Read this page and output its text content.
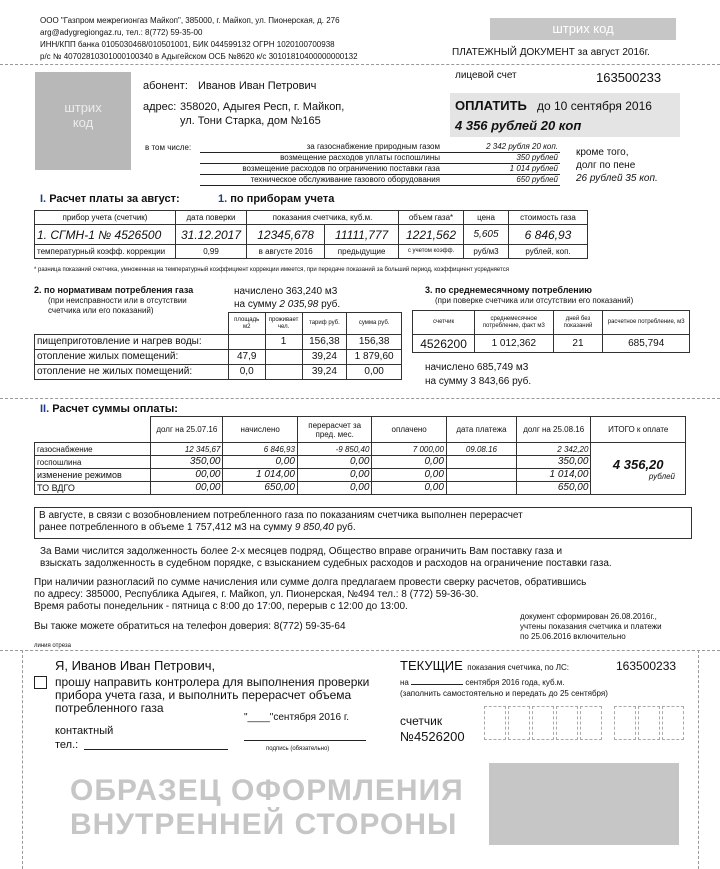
ООО "Газпром межрегионгаз Майкоп", 385000, г. Майкоп, ул. Пионерская, д. 276
arg@adygregiongaz.ru, тел.: 8(772) 59-35-00
ИНН/КПП банка 0105030468/010501001, БИК 044599132 ОГРН 1020100700938
р/с № 40702810301000100340 в Адыгейском ОСБ №8620 к/с 30101810400000000132
штрих код
ПЛАТЕЖНЫЙ ДОКУМЕНТ за август 2016г.
штрих код
абонент: Иванов Иван Петрович
адрес: 358020, Адыгея Респ, г. Майкоп,
ул. Тони Старка, дом №165
лицевой счет	163500233
ОПЛАТИТЬ до 10 сентября 2016
4 356 рублей 20 коп
в том числе:	за газоснабжение природным газом	2 342 рубля 20 коп.
возмещение расходов уплаты госпошлины	350 рублей
возмещение расходов по ограничению поставки газа	1 014 рублей
техническое обслуживание газового оборудования	650 рублей
кроме того,
долг по пене
26 рублей 35 коп.
I. Расчет платы за август:	1. по приборам учета
прибор учета (счетчик)	дата поверки	показания счетчика, куб.м.		объем газа*	цена	стоимость газа
1. СГМН-1 № 4526500	31.12.2017	12345,678	11111,777	1221,562	5,605	6 846,93
температурный коэфф. коррекции	0,99	в августе 2016	предыдущие	с учетом коэфф.	руб/м3	рублей, коп.
* разница показаний счетчика, умноженная на температурный коэффициент коррекции имеется, при передаче показаний за больший период, коэффициент усредняется
2. по нормативам потребления газа
(при неисправности или в отсутствии
счетчика или его показаний)
начислено 363,240 м3
на сумму 2 035,98 руб.
	площадь м2	проживает чел.	тариф руб.	сумма руб.
пищеприготовление и нагрев воды:		1	156,38	156,38
отопление жилых помещений:	47,9		39,24	1 879,60
отопление не жилых помещений:	0,0		39,24	0,00
3. по среднемесячному потреблению
(при поверке счетчика или отсутствии его показаний)
счетчик	среднемесячное потребление, факт м3	дней без показаний	расчетное потребление, м3
4526200	1 012,362	21	685,794
начислено 685,749 м3
на сумму 3 843,66 руб.
II. Расчет суммы оплаты:
	долг на 25.07.16	начислено	перерасчет за пред. мес.	оплачено	дата платежа	долг на 25.08.16	ИТОГО к оплате
газоснабжение	12 345,67	6 846,93	-9 850,40	7 000,00	09.08.16	2 342,20	4 356,20
рублей

госпошлина	350,00	0,00	0,00	0,00		350,00	
изменение режимов	00,00	1 014,00	0,00	0,00		1 014,00	
ТО ВДГО	00,00	650,00	0,00	0,00		650,00	
В августе, в связи с возобновлением потребленного газа по показаниям счетчика выполнен перерасчет
ранее потребленного в объеме 1 757,412 м3 на сумму 9 850,40 руб.
За Вами числится задолженность более 2-х месяцев подряд, Общество вправе ограничить Вам поставку газа и
взыскать задолженность в судебном порядке, с взысканием судебных расходов и расходов на ограничение поставки газа.
При наличии разногласий по сумме начисления или сумме долга предлагаем провести сверку расчетов, обратившись
по адресу: 385000, Республика Адыгея, г. Майкоп, ул. Пионерская, №494 тел.: 8 (772) 59-36-30.
Время работы понедельник - пятница с 8:00 до 17:00, перерыв с 12:00 до 13:00.
документ сформирован 26.08.2016г.,
учтены показания счетчика и платежи
по 25.06.2016 включительно
Вы также можете обратиться на телефон доверия: 8(772) 59-35-64
линия отреза
Я, Иванов Иван Петрович,
прошу направить контролера для выполнения проверки
прибора учета газа, и выполнить перерасчет объема
потребленного газа
"____"сентября 2016 г.
контактный
тел.:	подпись (обязательно)
ТЕКУЩИЕ показания счетчика, по ЛС:	163500233
на	сентября 2016 года, куб.м.
(заполнить самостоятельно и передать до 25 сентября)
счетчик
№4526200
ОБРАЗЕЦ ОФОРМЛЕНИЯ
ВНУТРЕННЕЙ СТОРОНЫ
